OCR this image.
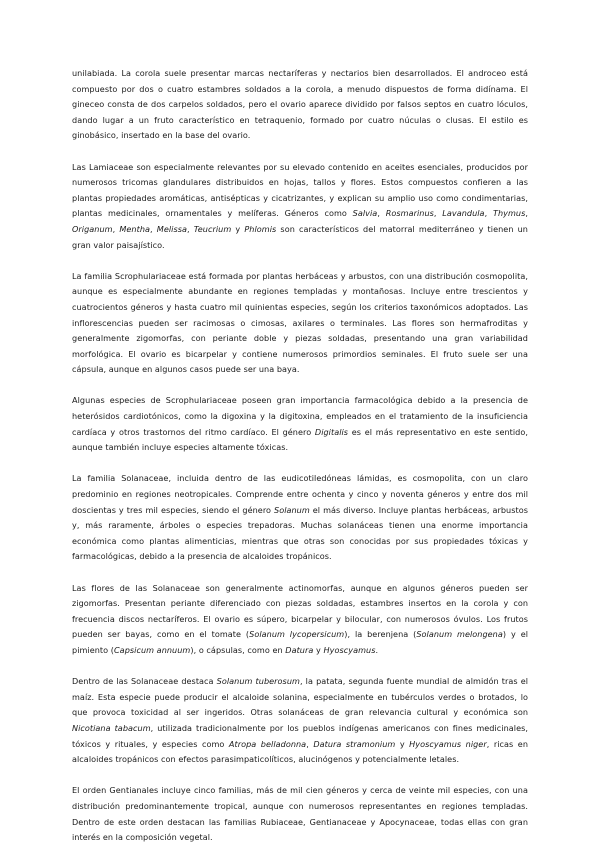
unilabiada. La corola suele presentar marcas nectaríferas y nectarios bien desarrollados. El androceo está compuesto por dos o cuatro estambres soldados a la corola, a menudo dispuestos de forma didínama. El gineceo consta de dos carpelos soldados, pero el ovario aparece dividido por falsos septos en cuatro lóculos, dando lugar a un fruto característico en tetraquenio, formado por cuatro núculas o clusas. El estilo es ginobásico, insertado en la base del ovario.

Las Lamiaceae son especialmente relevantes por su elevado contenido en aceites esenciales, producidos por numerosos tricomas glandulares distribuidos en hojas, tallos y flores. Estos compuestos confieren a las plantas propiedades aromáticas, antisépticas y cicatrizantes, y explican su amplio uso como condimentarias, plantas medicinales, ornamentales y melíferas. Géneros como Salvia, Rosmarinus, Lavandula, Thymus, Origanum, Mentha, Melissa, Teucrium y Phlomis son característicos del matorral mediterráneo y tienen un gran valor paisajístico.

La familia Scrophulariaceae está formada por plantas herbáceas y arbustos, con una distribución cosmopolita, aunque es especialmente abundante en regiones templadas y montañosas. Incluye entre trescientos y cuatrocientos géneros y hasta cuatro mil quinientas especies, según los criterios taxonómicos adoptados. Las inflorescencias pueden ser racimosas o cimosas, axilares o terminales. Las flores son hermafroditas y generalmente zigomorfas, con periante doble y piezas soldadas, presentando una gran variabilidad morfológica. El ovario es bicarpelar y contiene numerosos primordios seminales. El fruto suele ser una cápsula, aunque en algunos casos puede ser una baya.

Algunas especies de Scrophulariaceae poseen gran importancia farmacológica debido a la presencia de heterósidos cardiotónicos, como la digoxina y la digitoxina, empleados en el tratamiento de la insuficiencia cardíaca y otros trastornos del ritmo cardíaco. El género Digitalis es el más representativo en este sentido, aunque también incluye especies altamente tóxicas.

La familia Solanaceae, incluida dentro de las eudicotiledóneas lámidas, es cosmopolita, con un claro predominio en regiones neotropicales. Comprende entre ochenta y cinco y noventa géneros y entre dos mil doscientas y tres mil especies, siendo el género Solanum el más diverso. Incluye plantas herbáceas, arbustos y, más raramente, árboles o especies trepadoras. Muchas solanáceas tienen una enorme importancia económica como plantas alimenticias, mientras que otras son conocidas por sus propiedades tóxicas y farmacológicas, debido a la presencia de alcaloides tropánicos.

Las flores de las Solanaceae son generalmente actinomorfas, aunque en algunos géneros pueden ser zigomorfas. Presentan periante diferenciado con piezas soldadas, estambres insertos en la corola y con frecuencia discos nectaríferos. El ovario es súpero, bicarpelar y bilocular, con numerosos óvulos. Los frutos pueden ser bayas, como en el tomate (Solanum lycopersicum), la berenjena (Solanum melongena) y el pimiento (Capsicum annuum), o cápsulas, como en Datura y Hyoscyamus.

Dentro de las Solanaceae destaca Solanum tuberosum, la patata, segunda fuente mundial de almidón tras el maíz. Esta especie puede producir el alcaloide solanina, especialmente en tubérculos verdes o brotados, lo que provoca toxicidad al ser ingeridos. Otras solanáceas de gran relevancia cultural y económica son Nicotiana tabacum, utilizada tradicionalmente por los pueblos indígenas americanos con fines medicinales, tóxicos y rituales, y especies como Atropa belladonna, Datura stramonium y Hyoscyamus niger, ricas en alcaloides tropánicos con efectos parasimpaticolíticos, alucinógenos y potencialmente letales.

El orden Gentianales incluye cinco familias, más de mil cien géneros y cerca de veinte mil especies, con una distribución predominantemente tropical, aunque con numerosos representantes en regiones templadas. Dentro de este orden destacan las familias Rubiaceae, Gentianaceae y Apocynaceae, todas ellas con gran interés en la composición vegetal.
